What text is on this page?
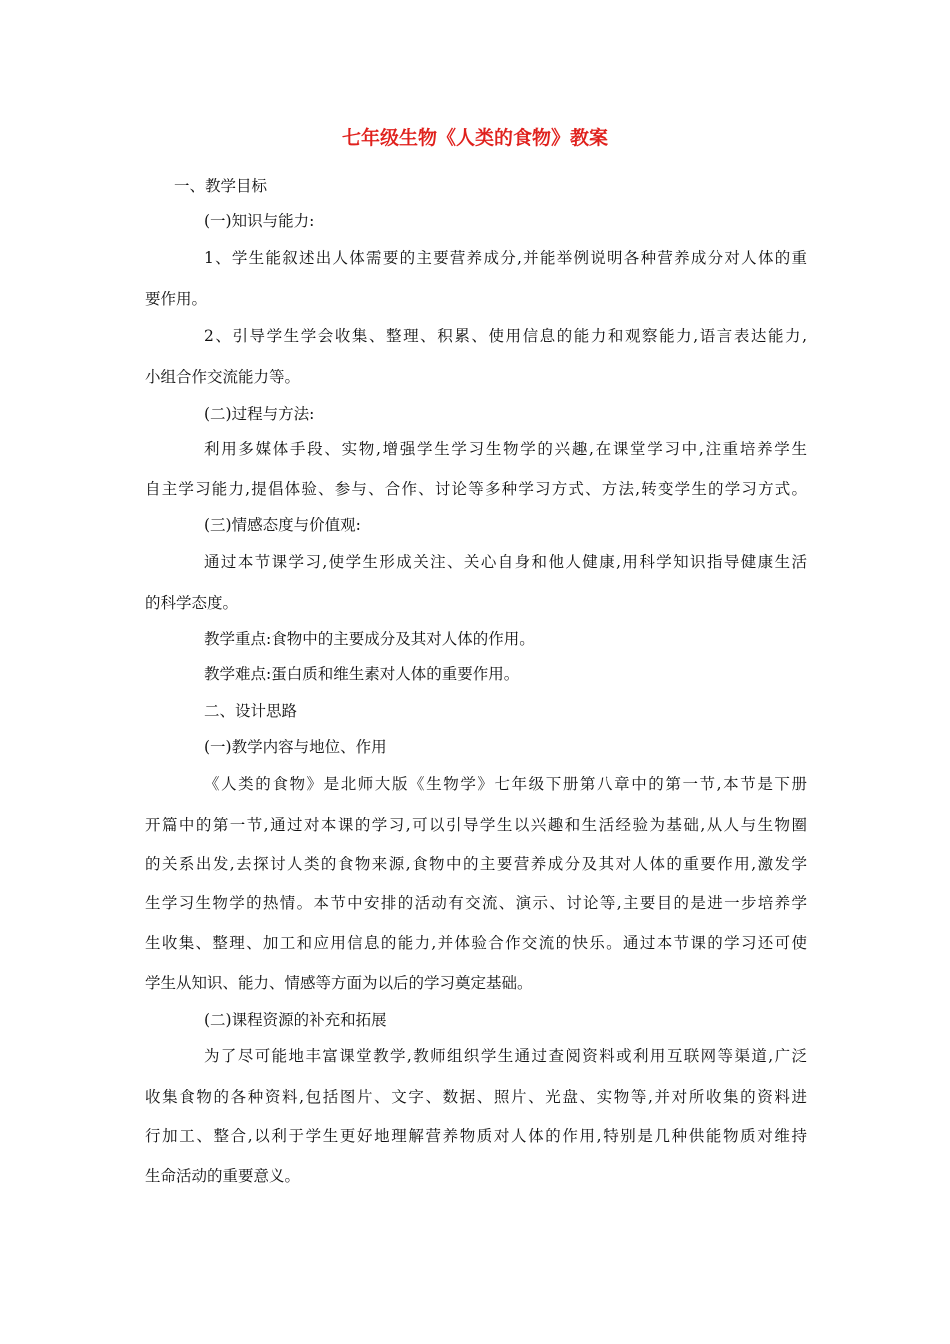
七年级生物《人类的食物》教案

一、教学目标

(一)知识与能力:

1、学生能叙述出人体需要的主要营养成分,并能举例说明各种营养成分对人体的重

要作用。

2、引导学生学会收集、整理、积累、使用信息的能力和观察能力,语言表达能力,

小组合作交流能力等。

(二)过程与方法:

利用多媒体手段、实物,增强学生学习生物学的兴趣,在课堂学习中,注重培养学生

自主学习能力,提倡体验、参与、合作、讨论等多种学习方式、方法,转变学生的学习方式。

(三)情感态度与价值观:

通过本节课学习,使学生形成关注、关心自身和他人健康,用科学知识指导健康生活

的科学态度。

教学重点:食物中的主要成分及其对人体的作用。

教学难点:蛋白质和维生素对人体的重要作用。

二、设计思路

(一)教学内容与地位、作用

《人类的食物》是北师大版《生物学》七年级下册第八章中的第一节,本节是下册

开篇中的第一节,通过对本课的学习,可以引导学生以兴趣和生活经验为基础,从人与生物圈

的关系出发,去探讨人类的食物来源,食物中的主要营养成分及其对人体的重要作用,激发学

生学习生物学的热情。本节中安排的活动有交流、演示、讨论等,主要目的是进一步培养学

生收集、整理、加工和应用信息的能力,并体验合作交流的快乐。通过本节课的学习还可使

学生从知识、能力、情感等方面为以后的学习奠定基础。

(二)课程资源的补充和拓展

为了尽可能地丰富课堂教学,教师组织学生通过查阅资料或利用互联网等渠道,广泛

收集食物的各种资料,包括图片、文字、数据、照片、光盘、实物等,并对所收集的资料进

行加工、整合,以利于学生更好地理解营养物质对人体的作用,特别是几种供能物质对维持

生命活动的重要意义。
